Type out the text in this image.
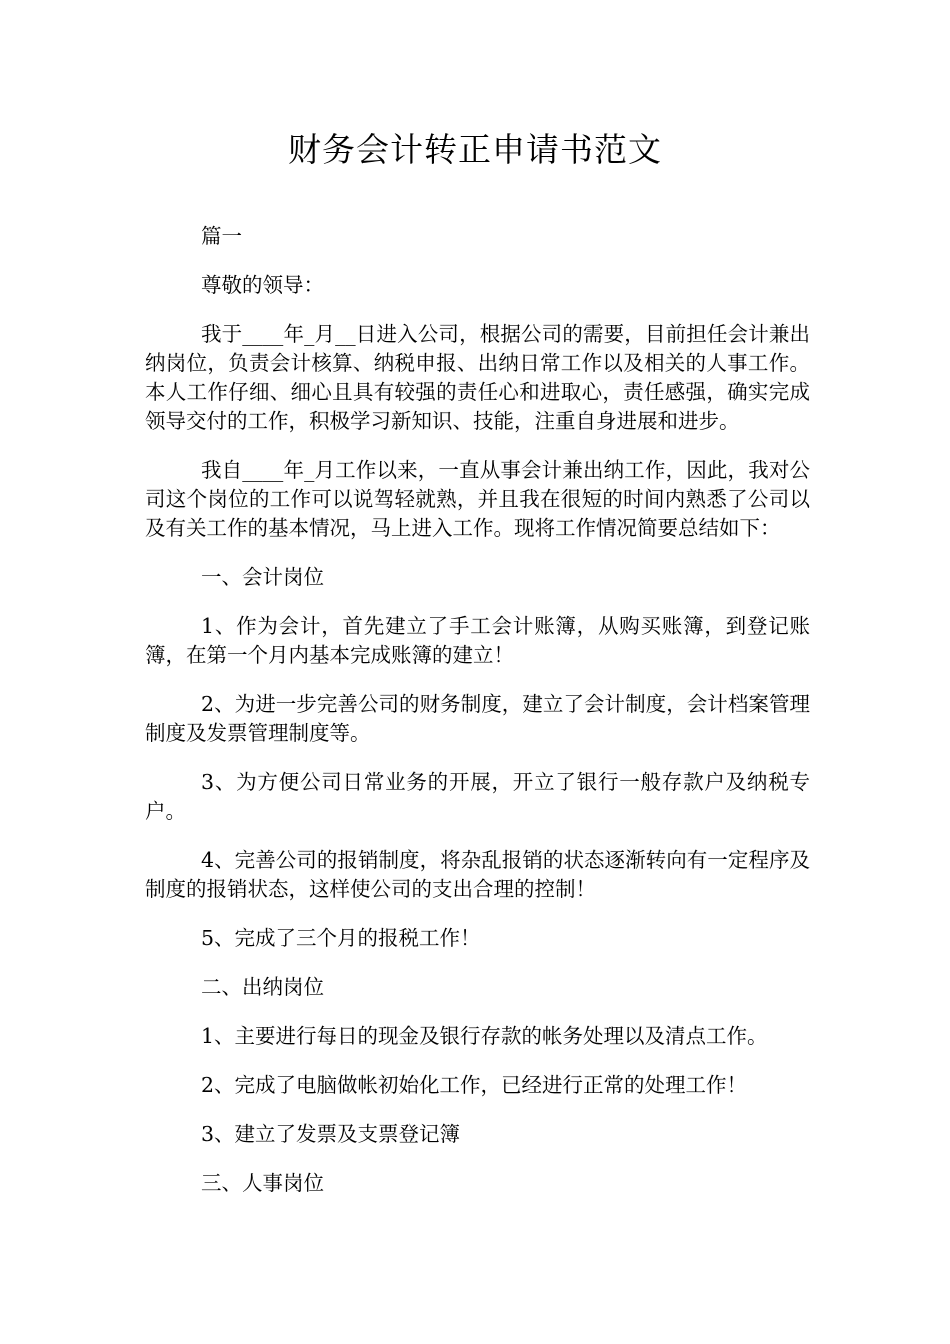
财务会计转正申请书范文

篇一

尊敬的领导：

我于____年_月__日进入公司，根据公司的需要，目前担任会计兼出纳岗位，负责会计核算、纳税申报、出纳日常工作以及相关的人事工作。本人工作仔细、细心且具有较强的责任心和进取心，责任感强，确实完成领导交付的工作，积极学习新知识、技能，注重自身进展和进步。

我自____年_月工作以来，一直从事会计兼出纳工作，因此，我对公司这个岗位的工作可以说驾轻就熟，并且我在很短的时间内熟悉了公司以及有关工作的基本情况，马上进入工作。现将工作情况简要总结如下：

一、会计岗位

1、作为会计，首先建立了手工会计账簿，从购买账簿，到登记账簿，在第一个月内基本完成账簿的建立！

2、为进一步完善公司的财务制度，建立了会计制度，会计档案管理制度及发票管理制度等。

3、为方便公司日常业务的开展，开立了银行一般存款户及纳税专户。

4、完善公司的报销制度，将杂乱报销的状态逐渐转向有一定程序及制度的报销状态，这样使公司的支出合理的控制！

5、完成了三个月的报税工作！

二、出纳岗位

1、主要进行每日的现金及银行存款的帐务处理以及清点工作。

2、完成了电脑做帐初始化工作，已经进行正常的处理工作！

3、建立了发票及支票登记簿

三、人事岗位
